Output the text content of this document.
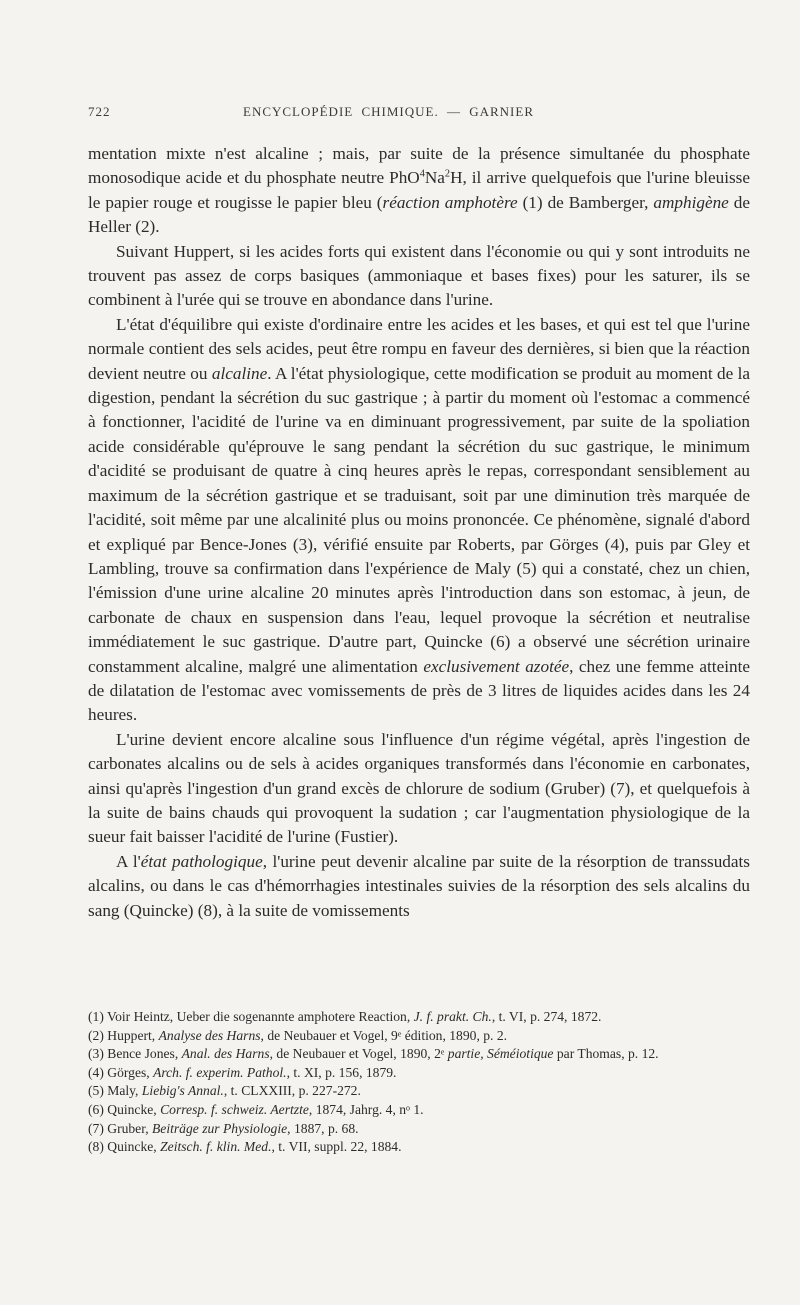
722	ENCYCLOPÉDIE CHIMIQUE. — GARNIER

mentation mixte n'est alcaline ; mais, par suite de la présence simultanée du phosphate monosodique acide et du phosphate neutre PhO$^4$Na$^2$H, il arrive quelquefois que l'urine bleuisse le papier rouge et rougisse le papier bleu (réaction amphotère (1) de Bamberger, amphigène de Heller (2).

Suivant Huppert, si les acides forts qui existent dans l'économie ou qui y sont introduits ne trouvent pas assez de corps basiques (ammoniaque et bases fixes) pour les saturer, ils se combinent à l'urée qui se trouve en abondance dans l'urine.

L'état d'équilibre qui existe d'ordinaire entre les acides et les bases, et qui est tel que l'urine normale contient des sels acides, peut être rompu en faveur des dernières, si bien que la réaction devient neutre ou alcaline. A l'état physiologique, cette modification se produit au moment de la digestion, pendant la sécrétion du suc gastrique ; à partir du moment où l'estomac a commencé à fonctionner, l'acidité de l'urine va en diminuant progressivement, par suite de la spoliation acide considérable qu'éprouve le sang pendant la sécrétion du suc gastrique, le minimum d'acidité se produisant de quatre à cinq heures après le repas, correspondant sensiblement au maximum de la sécrétion gastrique et se traduisant, soit par une diminution très marquée de l'acidité, soit même par une alcalinité plus ou moins prononcée. Ce phénomène, signalé d'abord et expliqué par Bence-Jones (3), vérifié ensuite par Roberts, par Görges (4), puis par Gley et Lambling, trouve sa confirmation dans l'expérience de Maly (5) qui a constaté, chez un chien, l'émission d'une urine alcaline 20 minutes après l'introduction dans son estomac, à jeun, de carbonate de chaux en suspension dans l'eau, lequel provoque la sécrétion et neutralise immédiatement le suc gastrique. D'autre part, Quincke (6) a observé une sécrétion urinaire constamment alcaline, malgré une alimentation exclusivement azotée, chez une femme atteinte de dilatation de l'estomac avec vomissements de près de 3 litres de liquides acides dans les 24 heures.

L'urine devient encore alcaline sous l'influence d'un régime végétal, après l'ingestion de carbonates alcalins ou de sels à acides organiques transformés dans l'économie en carbonates, ainsi qu'après l'ingestion d'un grand excès de chlorure de sodium (Gruber) (7), et quelquefois à la suite de bains chauds qui provoquent la sudation ; car l'augmentation physiologique de la sueur fait baisser l'acidité de l'urine (Fustier).

A l'état pathologique, l'urine peut devenir alcaline par suite de la résorption de transsudats alcalins, ou dans le cas d'hémorrhagies intestinales suivies de la résorption des sels alcalins du sang (Quincke) (8), à la suite de vomissements

(1) Voir Heintz, Ueber die sogenannte amphotere Reaction, J. f. prakt. Ch., t. VI, p. 274, 1872.

(2) Huppert, Analyse des Harns, de Neubauer et Vogel, 9ᵉ édition, 1890, p. 2.

(3) Bence Jones, Anal. des Harns, de Neubauer et Vogel, 1890, 2ᵉ partie, Séméiotique par Thomas, p. 12.

(4) Görges, Arch. f. experim. Pathol., t. XI, p. 156, 1879.

(5) Maly, Liebig's Annal., t. CLXXIII, p. 227-272.

(6) Quincke, Corresp. f. schweiz. Aertzte, 1874, Jahrg. 4, nᵒ 1.

(7) Gruber, Beiträge zur Physiologie, 1887, p. 68.

(8) Quincke, Zeitsch. f. klin. Med., t. VII, suppl. 22, 1884.
